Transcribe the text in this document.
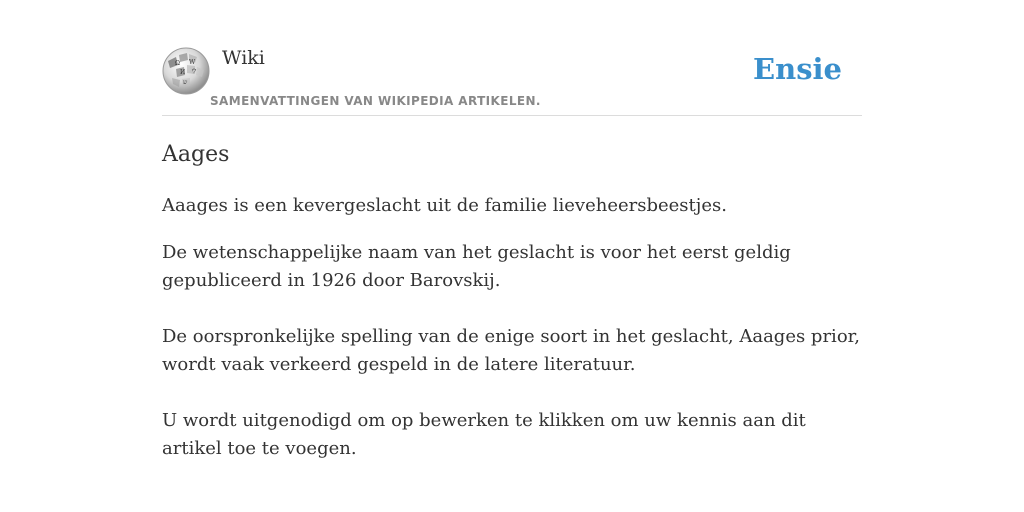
Ω W
И ウ
ש
Wiki
SAMENVATTINGEN VAN WIKIPEDIA ARTIKELEN.
Ensie
Aages

Aaages is een kevergeslacht uit de familie lieveheersbeestjes.

De wetenschappelijke naam van het geslacht is voor het eerst geldig gepubliceerd in 1926 door Barovskij.

De oorspronkelijke spelling van de enige soort in het geslacht, Aaages prior, wordt vaak verkeerd gespeld in de latere literatuur.

U wordt uitgenodigd om op bewerken te klikken om uw kennis aan dit artikel toe te voegen.
